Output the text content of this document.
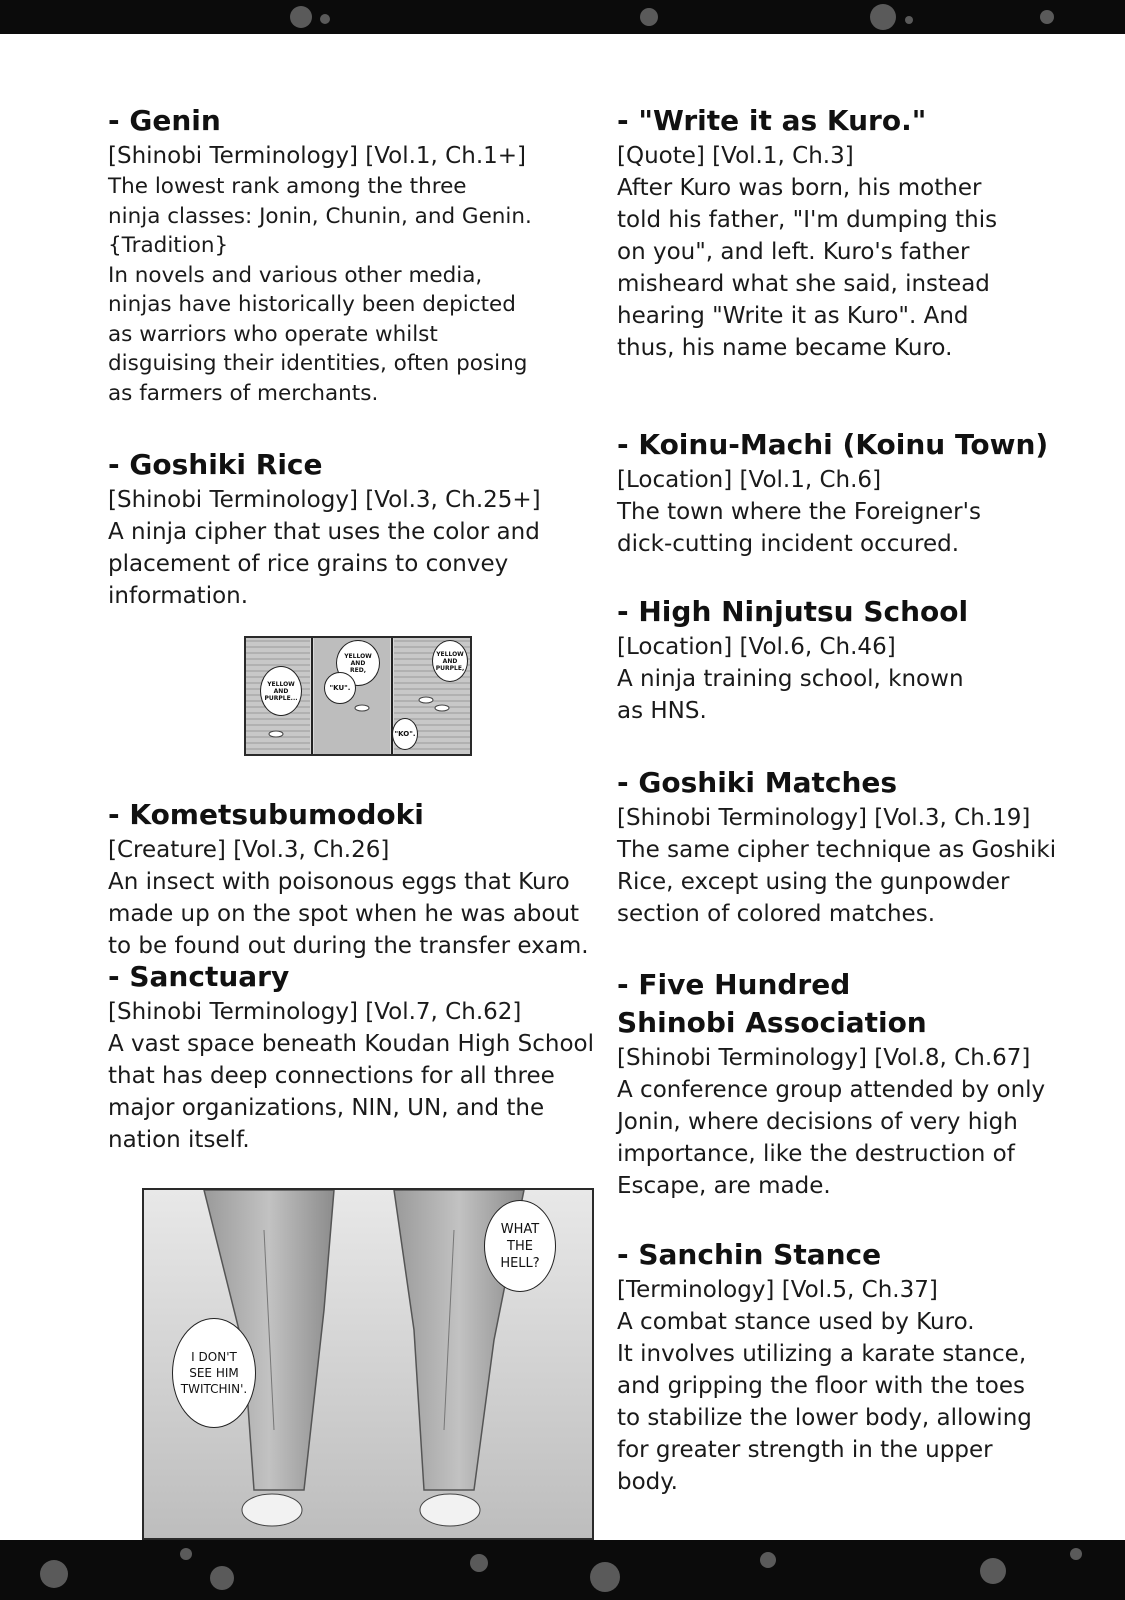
- Genin
[Shinobi Terminology] [Vol.1, Ch.1+]
The lowest rank among the three
ninja classes: Jonin, Chunin, and Genin.
{Tradition}
In novels and various other media,
ninjas have historically been depicted
as warriors who operate whilst
disguising their identities, often posing
as farmers of merchants.
- Goshiki Rice
[Shinobi Terminology] [Vol.3, Ch.25+]
A ninja cipher that uses the color and
placement of rice grains to convey
information.
- Kometsubumodoki
[Creature] [Vol.3, Ch.26]
An insect with poisonous eggs that Kuro
made up on the spot when he was about
to be found out during the transfer exam.
- Sanctuary
[Shinobi Terminology] [Vol.7, Ch.62]
A vast space beneath Koudan High School
that has deep connections for all three
major organizations, NIN, UN, and the
nation itself.
YELLOW
AND
PURPLE...
YELLOW
AND
RED,
"KU".
YELLOW
AND
PURPLE,
"KO".
WHAT
THE
HELL?
I DON'T
SEE HIM
TWITCHIN'.
- "Write it as Kuro."
[Quote] [Vol.1, Ch.3]
After Kuro was born, his mother
told his father, "I'm dumping this
on you", and left. Kuro's father
misheard what she said, instead
hearing "Write it as Kuro". And
thus, his name became Kuro.
- Koinu-Machi (Koinu Town)
[Location] [Vol.1, Ch.6]
The town where the Foreigner's
dick-cutting incident occured.
- High Ninjutsu School
[Location] [Vol.6, Ch.46]
A ninja training school, known
as HNS.
- Goshiki Matches
[Shinobi Terminology] [Vol.3, Ch.19]
The same cipher technique as Goshiki
Rice, except using the gunpowder
section of colored matches.
- Five Hundred
Shinobi Association
[Shinobi Terminology] [Vol.8, Ch.67]
A conference group attended by only
Jonin, where decisions of very high
importance, like the destruction of
Escape, are made.
- Sanchin Stance
[Terminology] [Vol.5, Ch.37]
A combat stance used by Kuro.
It involves utilizing a karate stance,
and gripping the floor with the toes
to stabilize the lower body, allowing
for greater strength in the upper
body.
